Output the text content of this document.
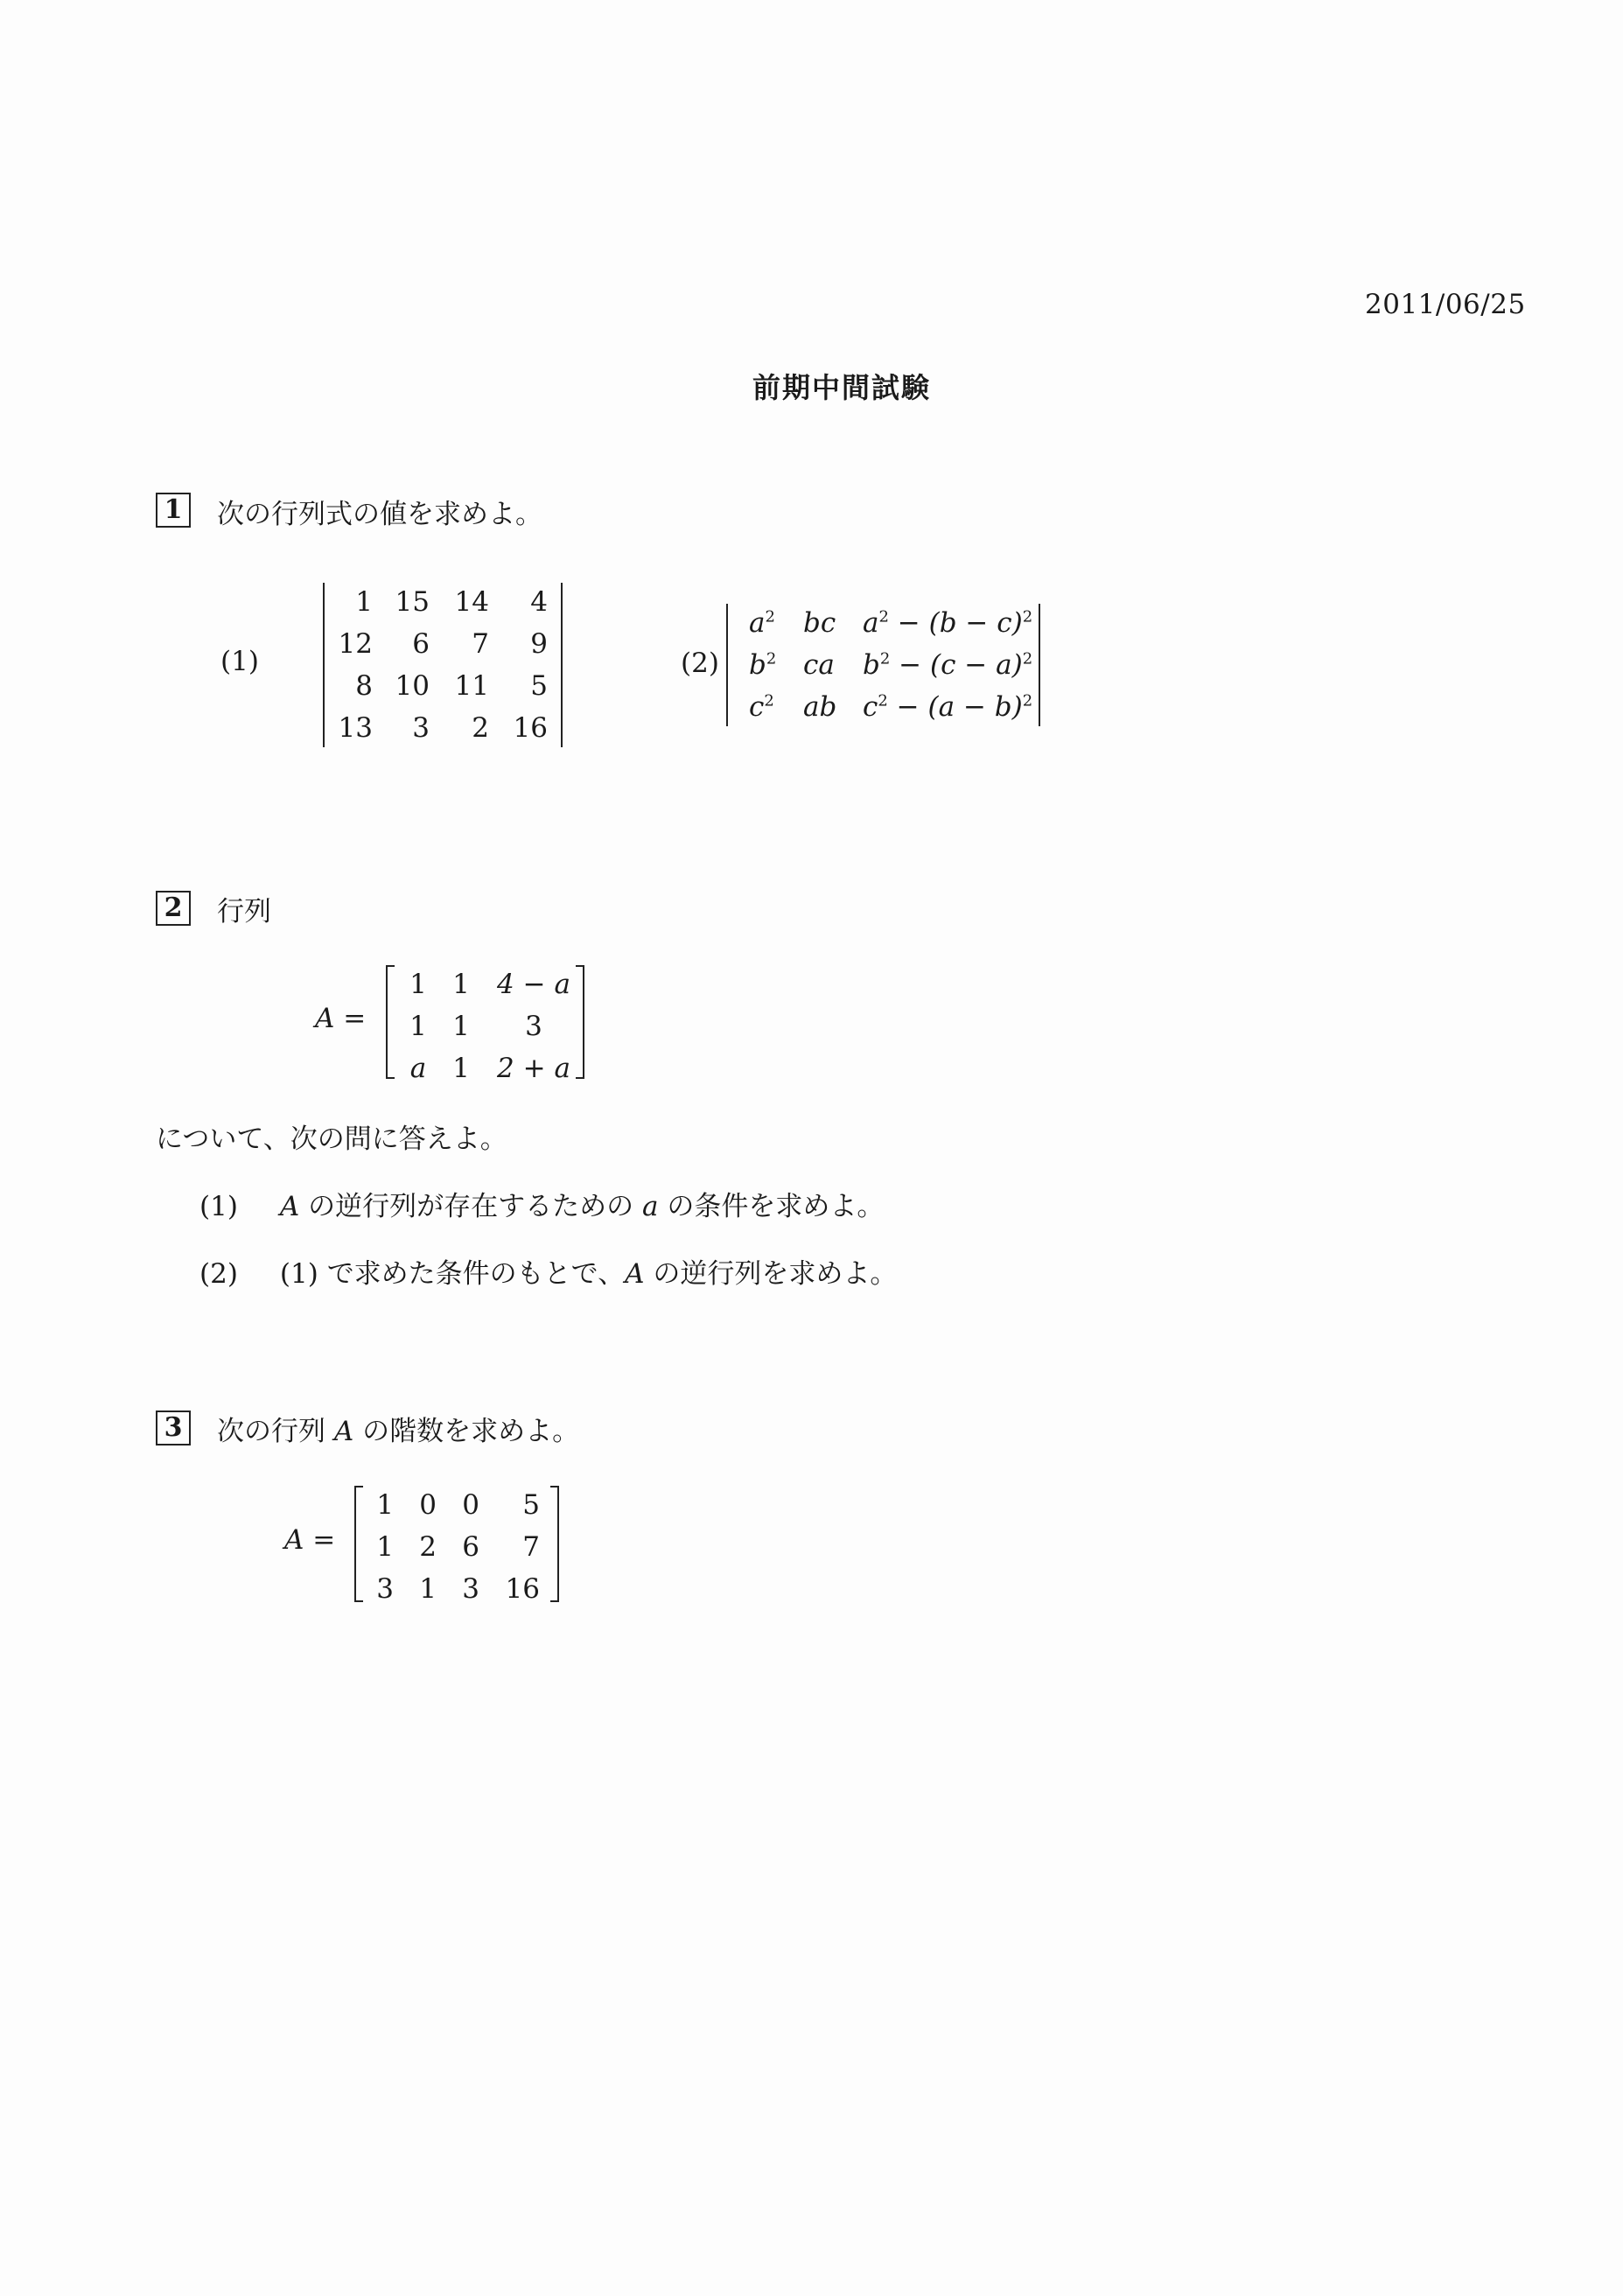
2011/06/25
前期中間試験
1	次の行列式の値を求めよ。
(1)
1 15 14 4
12 6 7 9
8 10 11 5
13 3 2 16
(2)
$a^2$ bc $a^2 - (b - c)^2$
$b^2$ ca $b^2 - (c - a)^2$
$c^2$ ab $c^2 - (a - b)^2$
2	行列
A =
1 1	4 − a
1 1	3
a 1	2 + a
について、次の問に答えよ。
(1) A の逆行列が存在するための a の条件を求めよ。
(2) (1) で求めた条件のもとで、A の逆行列を求めよ。
3	次の行列 A の階数を求めよ。
A =
1 0 0 5
1 2 6 7
3 1 3 16
